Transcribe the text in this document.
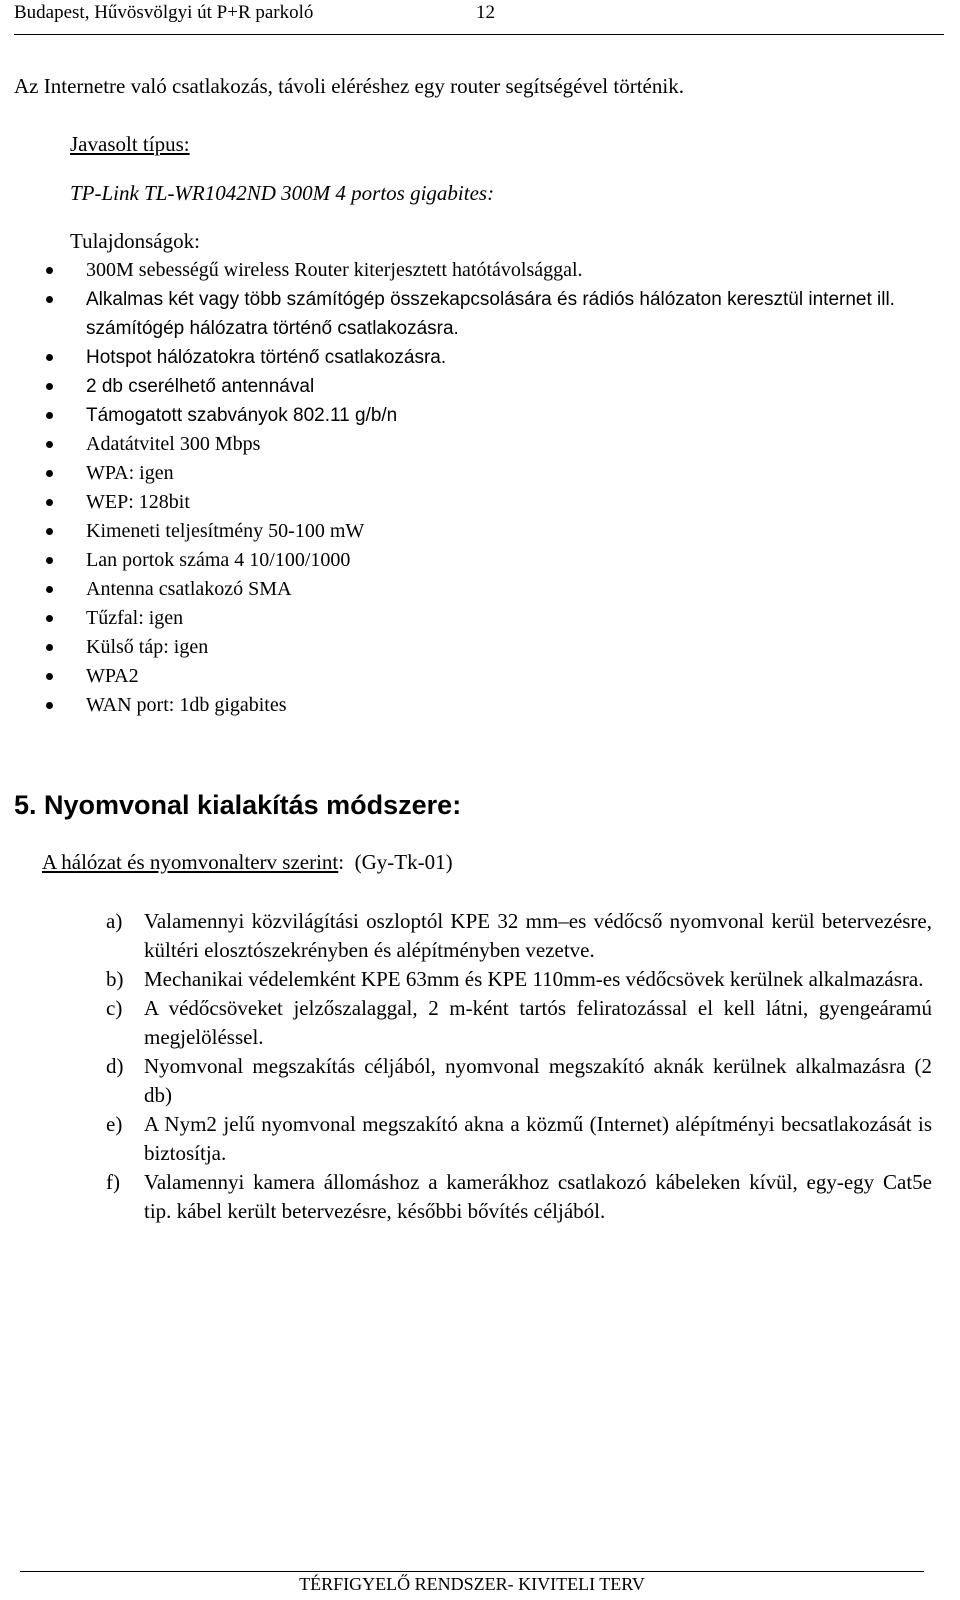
Budapest, Hűvösvölgyi út P+R parkoló	12
Az Internetre való csatlakozás, távoli eléréshez egy router segítségével történik.
Javasolt típus:
TP-Link TL-WR1042ND 300M 4 portos gigabites:
Tulajdonságok:
300M sebességű wireless Router kiterjesztett hatótávolsággal.
Alkalmas két vagy több számítógép összekapcsolására és rádiós hálózaton keresztül internet ill. számítógép hálózatra történő csatlakozásra.
Hotspot hálózatokra történő csatlakozásra.
2 db cserélhető antennával
Támogatott szabványok 802.11 g/b/n
Adatátvitel 300 Mbps
WPA: igen
WEP: 128bit
Kimeneti teljesítmény 50-100 mW
Lan portok száma 4 10/100/1000
Antenna csatlakozó SMA
Tűzfal: igen
Külső táp: igen
WPA2
WAN port: 1db gigabites
5. Nyomvonal kialakítás módszere:
A hálózat és nyomvonalterv szerint: (Gy-Tk-01)
a) Valamennyi közvilágítási oszloptól KPE 32 mm–es védőcső nyomvonal kerül betervezésre, kültéri elosztószekrényben és alépítményben vezetve.
b) Mechanikai védelemként KPE 63mm és KPE 110mm-es védőcsövek kerülnek alkalmazásra.
c) A védőcsöveket jelzőszalaggal, 2 m-ként tartós feliratozással el kell látni, gyengeáramú megjelöléssel.
d) Nyomvonal megszakítás céljából, nyomvonal megszakító aknák kerülnek alkalmazásra (2 db)
e) A Nym2 jelű nyomvonal megszakító akna a közmű (Internet) alépítményi becsatlakozását is biztosítja.
f) Valamennyi kamera állomáshoz a kamerákhoz csatlakozó kábeleken kívül, egy-egy Cat5e tip. kábel került betervezésre, későbbi bővítés céljából.
TÉRFIGYELŐ RENDSZER- KIVITELI TERV
